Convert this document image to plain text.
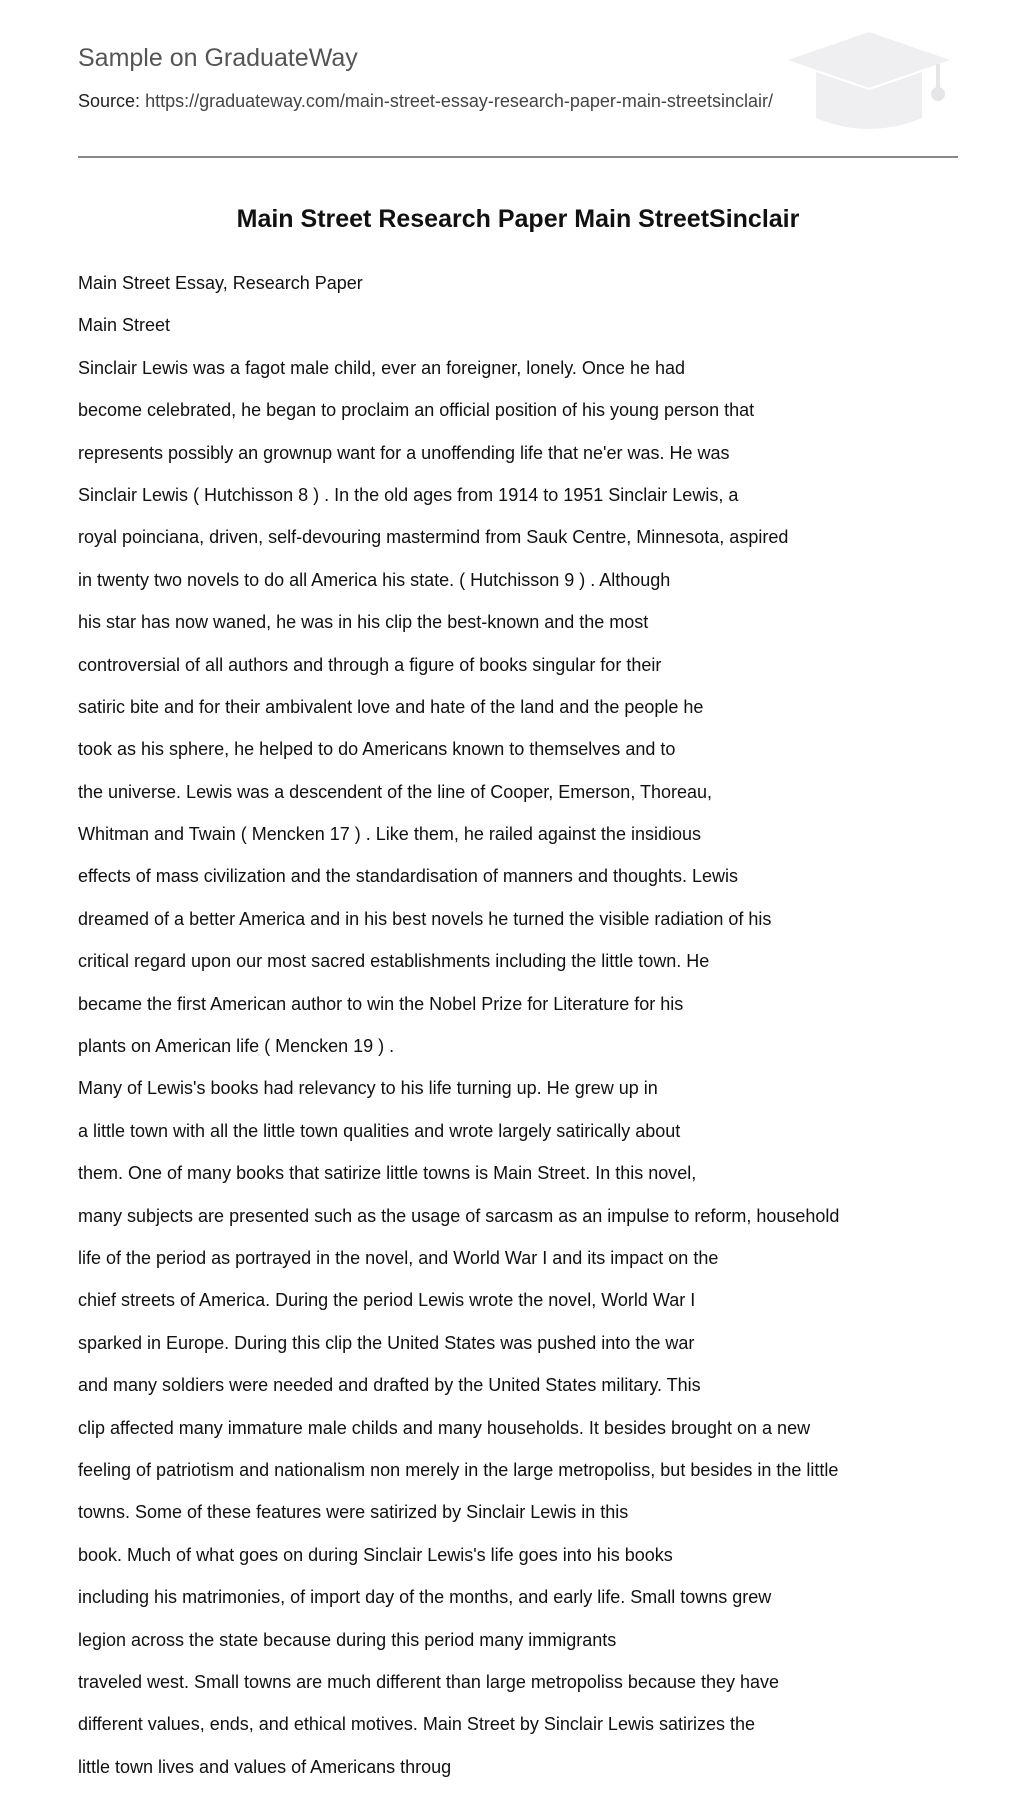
Sample on GraduateWay
Source: https://graduateway.com/main-street-essay-research-paper-main-streetsinclair/
Main Street Research Paper Main StreetSinclair
Main Street Essay, Research Paper
Main Street
Sinclair Lewis was a fagot male child, ever an foreigner, lonely. Once he had
become celebrated, he began to proclaim an official position of his young person that
represents possibly an grownup want for a unoffending life that ne'er was. He was
Sinclair Lewis ( Hutchisson 8 ) . In the old ages from 1914 to 1951 Sinclair Lewis, a
royal poinciana, driven, self-devouring mastermind from Sauk Centre, Minnesota, aspired
in twenty two novels to do all America his state. ( Hutchisson 9 ) . Although
his star has now waned, he was in his clip the best-known and the most
controversial of all authors and through a figure of books singular for their
satiric bite and for their ambivalent love and hate of the land and the people he
took as his sphere, he helped to do Americans known to themselves and to
the universe. Lewis was a descendent of the line of Cooper, Emerson, Thoreau,
Whitman and Twain ( Mencken 17 ) . Like them, he railed against the insidious
effects of mass civilization and the standardisation of manners and thoughts. Lewis
dreamed of a better America and in his best novels he turned the visible radiation of his
critical regard upon our most sacred establishments including the little town. He
became the first American author to win the Nobel Prize for Literature for his
plants on American life ( Mencken 19 ) .
Many of Lewis's books had relevancy to his life turning up. He grew up in
a little town with all the little town qualities and wrote largely satirically about
them. One of many books that satirize little towns is Main Street. In this novel,
many subjects are presented such as the usage of sarcasm as an impulse to reform, household
life of the period as portrayed in the novel, and World War I and its impact on the
chief streets of America. During the period Lewis wrote the novel, World War I
sparked in Europe. During this clip the United States was pushed into the war
and many soldiers were needed and drafted by the United States military. This
clip affected many immature male childs and many households. It besides brought on a new
feeling of patriotism and nationalism non merely in the large metropoliss, but besides in the little
towns. Some of these features were satirized by Sinclair Lewis in this
book. Much of what goes on during Sinclair Lewis's life goes into his books
including his matrimonies, of import day of the months, and early life. Small towns grew
legion across the state because during this period many immigrants
traveled west. Small towns are much different than large metropoliss because they have
different values, ends, and ethical motives. Main Street by Sinclair Lewis satirizes the
little town lives and values of Americans throug
